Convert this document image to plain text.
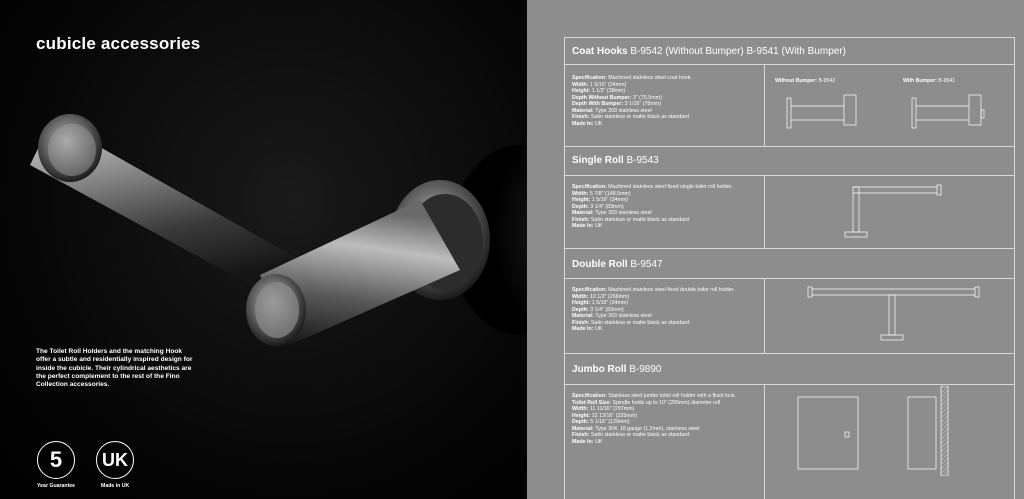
cubicle accessories
The Toilet Roll Holders and the matching Hook offer a subtle and residentially inspired design for inside the cubicle. Their cylindrical aesthetics are the perfect complement to the rest of the Fino Collection accessories.
5
Year Guarantee
UK
Made in UK
Coat Hooks B-9542 (Without Bumper) B-9541 (With Bumper)
Specification: Machined stainless steel coat hook.
Width: 1 5/16" (34mm)
Height: 1 1/2" (38mm)
Depth Without Bumper: 3" (75.5mm)
Depth With Bumper: 3 1/16" (78mm)
Material: Type 303 stainless steel
Finish: Satin stainless or matte black as standard
Made In: UK
Without Bumper: B-9542	With Bumper: B-9541
Single Roll B-9543
Specification: Machined stainless steel fixed single toilet roll holder.
Width: 5 7/8" (148.5mm)
Height: 1 5/16" (34mm)
Depth: 3 1/4" (83mm)
Material: Type 303 stainless steel
Finish: Satin stainless or matte black as standard
Made In: UK
Double Roll B-9547
Specification: Machined stainless steel fixed double toilet roll holder.
Width: 10 1/2" (266mm)
Height: 1 5/16" (34mm)
Depth: 3 1/4" (83mm)
Material: Type 303 stainless steel
Finish: Satin stainless or matte black as standard
Made In: UK
Jumbo Roll B-9890
Specification: Stainless steel jumbo toilet roll holder with a flush lock.
Toilet Roll Size: Spindle holds up to 10" (255mm) diameter roll
Width: 11 11/16" (297mm)
Height: 12 13/16" (325mm)
Depth: 5 1/16" (129mm)
Material: Type 304, 18 gauge (1.2mm), stainless steel
Finish: Satin stainless or matte black as standard
Made In: UK
